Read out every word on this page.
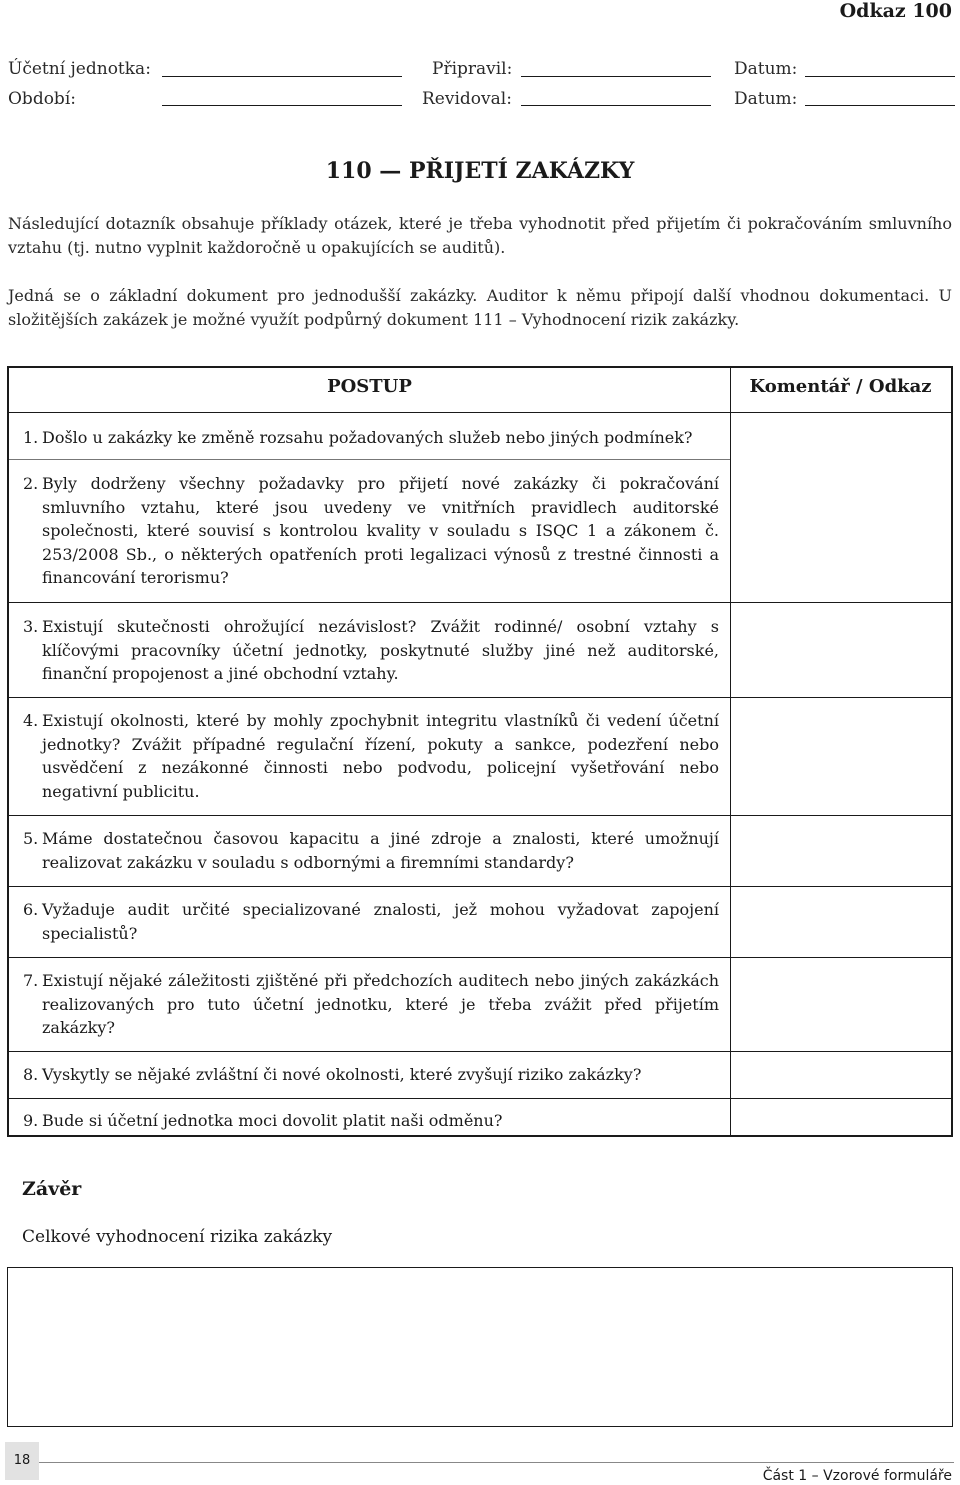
Odkaz 100
Účetní jednotka:	Připravil:	Datum:
Období:	Revidoval:	Datum:
110 — PŘIJETÍ ZAKÁZKY
Následující dotazník obsahuje příklady otázek, které je třeba vyhodnotit před přijetím či pokračováním smluvního vztahu (tj. nutno vyplnit každoročně u opakujících se auditů).
Jedná se o základní dokument pro jednodušší zakázky. Auditor k němu připojí další vhodnou dokumentaci. U složitějších zakázek je možné využít podpůrný dokument 111 – Vyhodnocení rizik zakázky.
POSTUP	Komentář / Odkaz
1. Došlo u zakázky ke změně rozsahu požadovaných služeb nebo jiných podmínek?
2. Byly dodrženy všechny požadavky pro přijetí nové zakázky či pokračování smluvního vztahu, které jsou uvedeny ve vnitřních pravidlech auditorské společnosti, které souvisí s kontrolou kvality v souladu s ISQC 1 a zákonem č. 253/2008 Sb., o některých opatřeních proti legalizaci výnosů z trestné činnosti a financování terorismu?
3. Existují skutečnosti ohrožující nezávislost? Zvážit rodinné/ osobní vztahy s klíčovými pracovníky účetní jednotky, poskytnuté služby jiné než auditorské, finanční propojenost a jiné obchodní vztahy.
4. Existují okolnosti, které by mohly zpochybnit integritu vlastníků či vedení účetní jednotky? Zvážit případné regulační řízení, pokuty a sankce, podezření nebo usvědčení z nezákonné činnosti nebo podvodu, policejní vyšetřování nebo negativní publicitu.
5. Máme dostatečnou časovou kapacitu a jiné zdroje a znalosti, které umožnují realizovat zakázku v souladu s odbornými a firemními standardy?
6. Vyžaduje audit určité specializované znalosti, jež mohou vyžadovat zapojení specialistů?
7. Existují nějaké záležitosti zjištěné při předchozích auditech nebo jiných zakázkách realizovaných pro tuto účetní jednotku, které je třeba zvážit před přijetím zakázky?
8. Vyskytly se nějaké zvláštní či nové okolnosti, které zvyšují riziko zakázky?
9. Bude si účetní jednotka moci dovolit platit naši odměnu?
Závěr
Celkové vyhodnocení rizika zakázky
18
Část 1 – Vzorové formuláře
